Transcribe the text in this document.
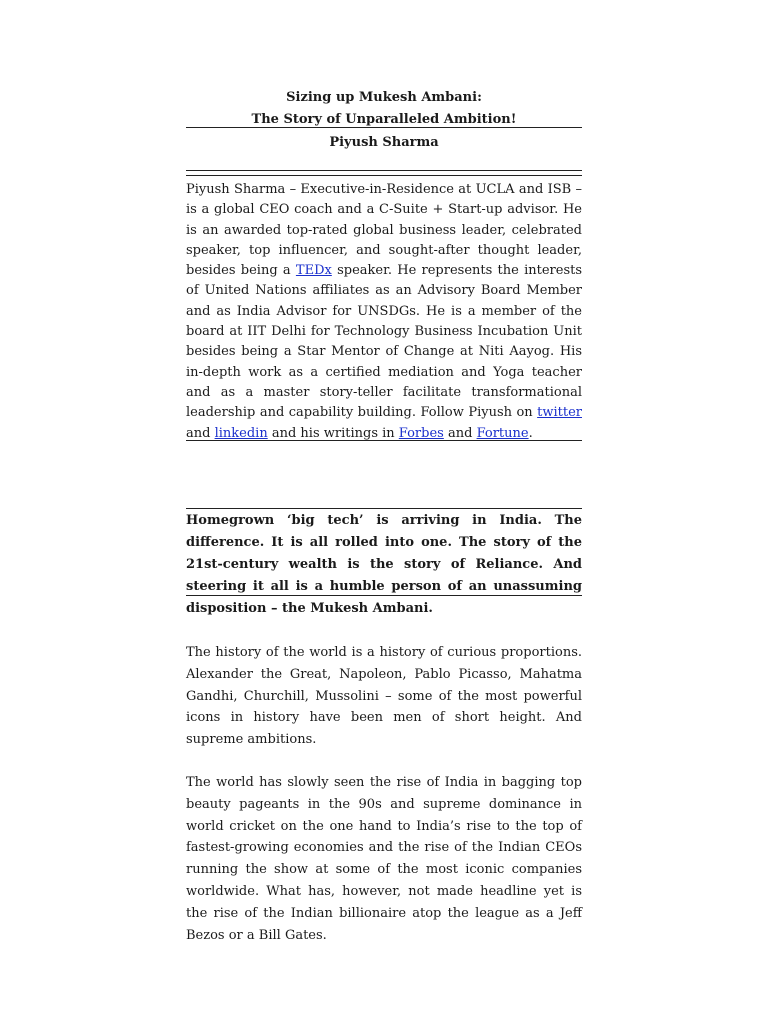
Sizing up Mukesh Ambani:

The Story of Unparalleled Ambition!

Piyush Sharma

Piyush Sharma – Executive-in-Residence at UCLA and ISB – is a global CEO coach and a C-Suite + Start-up advisor. He is an awarded top-rated global business leader, celebrated speaker, top influencer, and sought-after thought leader, besides being a TEDx speaker. He represents the interests of United Nations affiliates as an Advisory Board Member and as India Advisor for UNSDGs. He is a member of the board at IIT Delhi for Technology Business Incubation Unit besides being a Star Mentor of Change at Niti Aayog. His in-depth work as a certified mediation and Yoga teacher and as a master story-teller facilitate transformational leadership and capability building. Follow Piyush on twitter and linkedin and his writings in Forbes and Fortune.

Homegrown ‘big tech’ is arriving in India. The difference. It is all rolled into one. The story of the 21st-century wealth is the story of Reliance. And steering it all is a humble person of an unassuming disposition – the Mukesh Ambani.

The history of the world is a history of curious proportions. Alexander the Great, Napoleon, Pablo Picasso, Mahatma Gandhi, Churchill, Mussolini – some of the most powerful icons in history have been men of short height. And supreme ambitions.

The world has slowly seen the rise of India in bagging top beauty pageants in the 90s and supreme dominance in world cricket on the one hand to India’s rise to the top of fastest-growing economies and the rise of the Indian CEOs running the show at some of the most iconic companies worldwide. What has, however, not made headline yet is the rise of the Indian billionaire atop the league as a Jeff Bezos or a Bill Gates.
